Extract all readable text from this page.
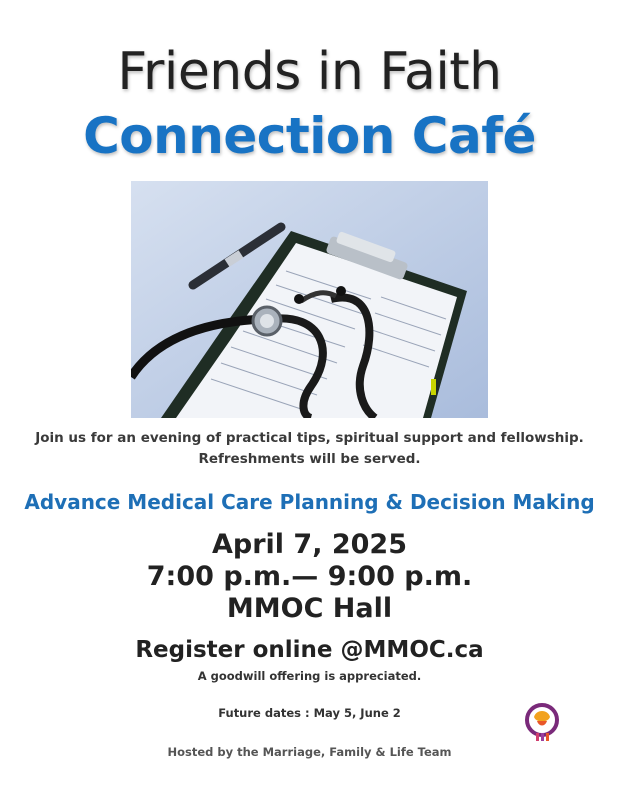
Friends in Faith
Connection Café
Join us for an evening of practical tips, spiritual support and fellowship.
Refreshments will be served.
Advance Medical Care Planning & Decision Making
April 7, 2025
7:00 p.m.— 9:00 p.m.
MMOC Hall
Register online @MMOC.ca
A goodwill offering is appreciated.
Future dates : May 5, June 2
Hosted by the Marriage, Family & Life Team
